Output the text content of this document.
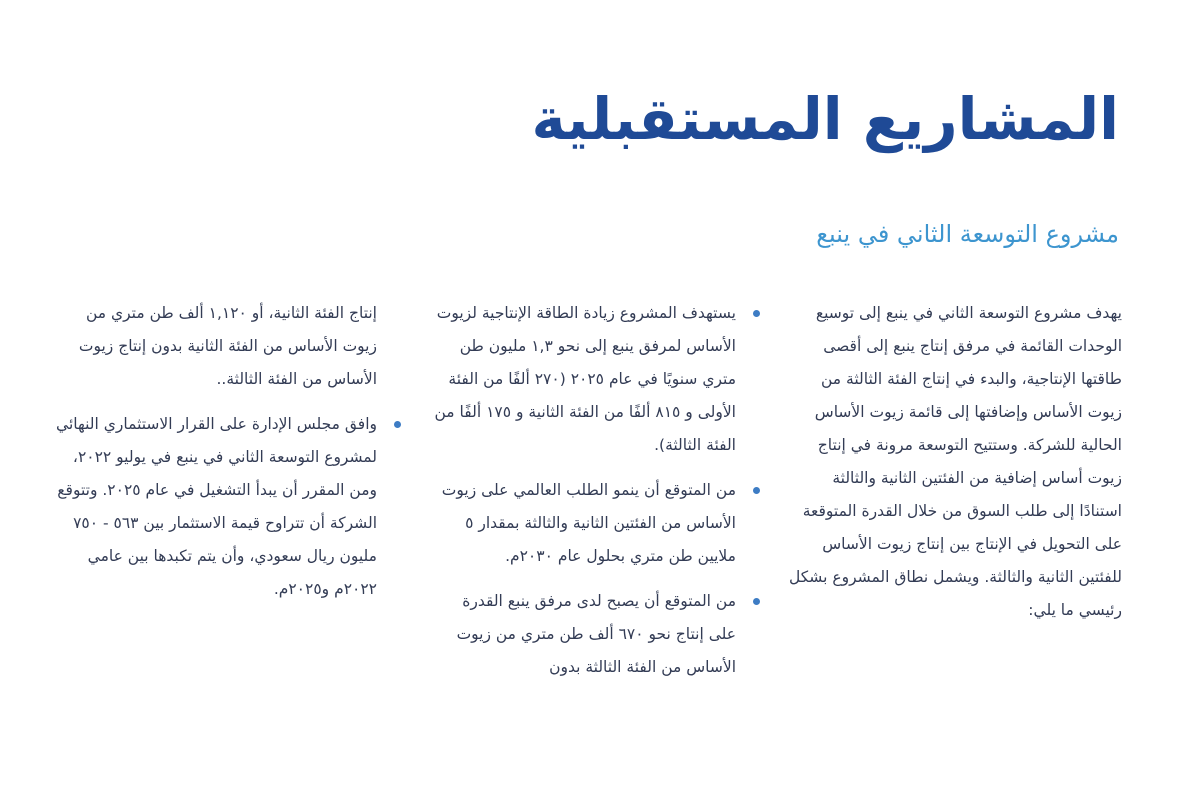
المشاريع المستقبلية
مشروع التوسعة الثاني في ينبع

يهدف مشروع التوسعة الثاني في ينبع إلى توسيع الوحدات القائمة في مرفق إنتاج ينبع إلى أقصى طاقتها الإنتاجية، والبدء في إنتاج الفئة الثالثة من زيوت الأساس وإضافتها إلى قائمة زيوت الأساس الحالية للشركة. وستتيح التوسعة مرونة في إنتاج زيوت أساس إضافية من الفئتين الثانية والثالثة استنادًا إلى طلب السوق من خلال القدرة المتوقعة على التحويل في الإنتاج بين إنتاج زيوت الأساس للفئتين الثانية والثالثة. ويشمل نطاق المشروع بشكل رئيسي ما يلي:

يستهدف المشروع زيادة الطاقة الإنتاجية لزيوت الأساس لمرفق ينبع إلى نحو ١,٣ مليون طن متري سنويًا في عام ٢٠٢٥ (٢٧٠ ألفًا من الفئة الأولى و ٨١٥ ألفًا من الفئة الثانية و ١٧٥ ألفًا من الفئة الثالثة).
من المتوقع أن ينمو الطلب العالمي على زيوت الأساس من الفئتين الثانية والثالثة بمقدار ٥ ملايين طن متري بحلول عام ٢٠٣٠م.
من المتوقع أن يصبح لدى مرفق ينبع القدرة على إنتاج نحو ٦٧٠ ألف طن متري من زيوت الأساس من الفئة الثالثة بدون

إنتاج الفئة الثانية، أو ١,١٢٠ ألف طن متري من زيوت الأساس من الفئة الثانية بدون إنتاج زيوت الأساس من الفئة الثالثة..

وافق مجلس الإدارة على القرار الاستثماري النهائي لمشروع التوسعة الثاني في ينبع في يوليو ٢٠٢٢، ومن المقرر أن يبدأ التشغيل في عام ٢٠٢٥. وتتوقع الشركة أن تتراوح قيمة الاستثمار بين ٥٦٣ - ٧٥٠ مليون ريال سعودي، وأن يتم تكبدها بين عامي ٢٠٢٢م و٢٠٢٥م.
